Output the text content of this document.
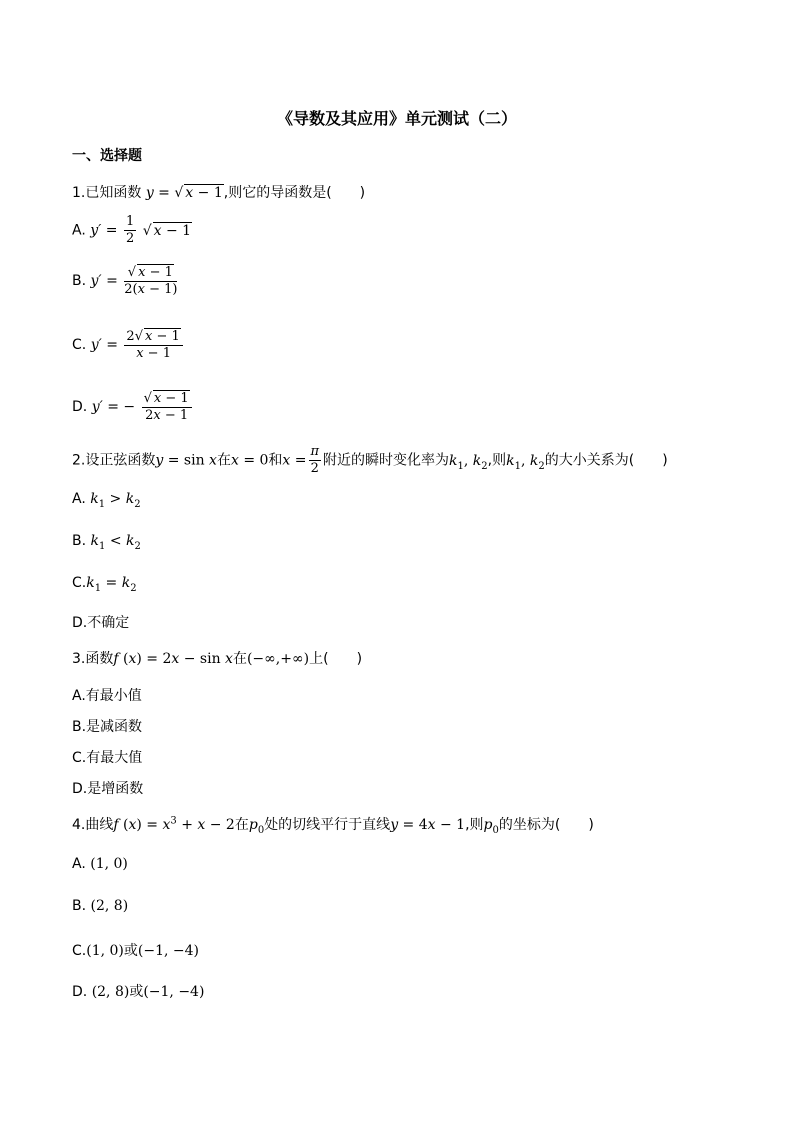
《导数及其应用》单元测试（二）
一、选择题
1.已知函数 y = √ x − 1,则它的导函数是(　　)
A. $y' = \frac{1}{2}$ √ x − 1
B. $y' = \frac{√ x - 1}{2(x - 1)}$
C. $y' = \frac{2√ x - 1}{x - 1}$
D. y′ = − $\frac{√ x - 1}{2x - 1}$
2.设正弦函数y = sin x在x = 0和$x = \frac{\pi}{2}$ 附近的瞬时变化率为$k_1$, $k_2$,则$k_1$, $k_2$的大小关系为(　　)
A. $k_1 > k_2$
B. $k_1 < k_2$
$C.k_1 = k_2$
D.不确定
3.函数f (x) = 2x − sin x在(−∞,+∞)上(　　)
A.有最小值
B.是减函数
C.有最大值
D.是增函数
4.曲线f $(x) = x^3 + x - 2$在$p_0$处的切线平行于直线y = 4x − 1,则$p_0$的坐标为(　　)
A. (1, 0)
B. (2, 8)
C.(1, 0)或(−1, −4)
D. (2, 8)或(−1, −4)
